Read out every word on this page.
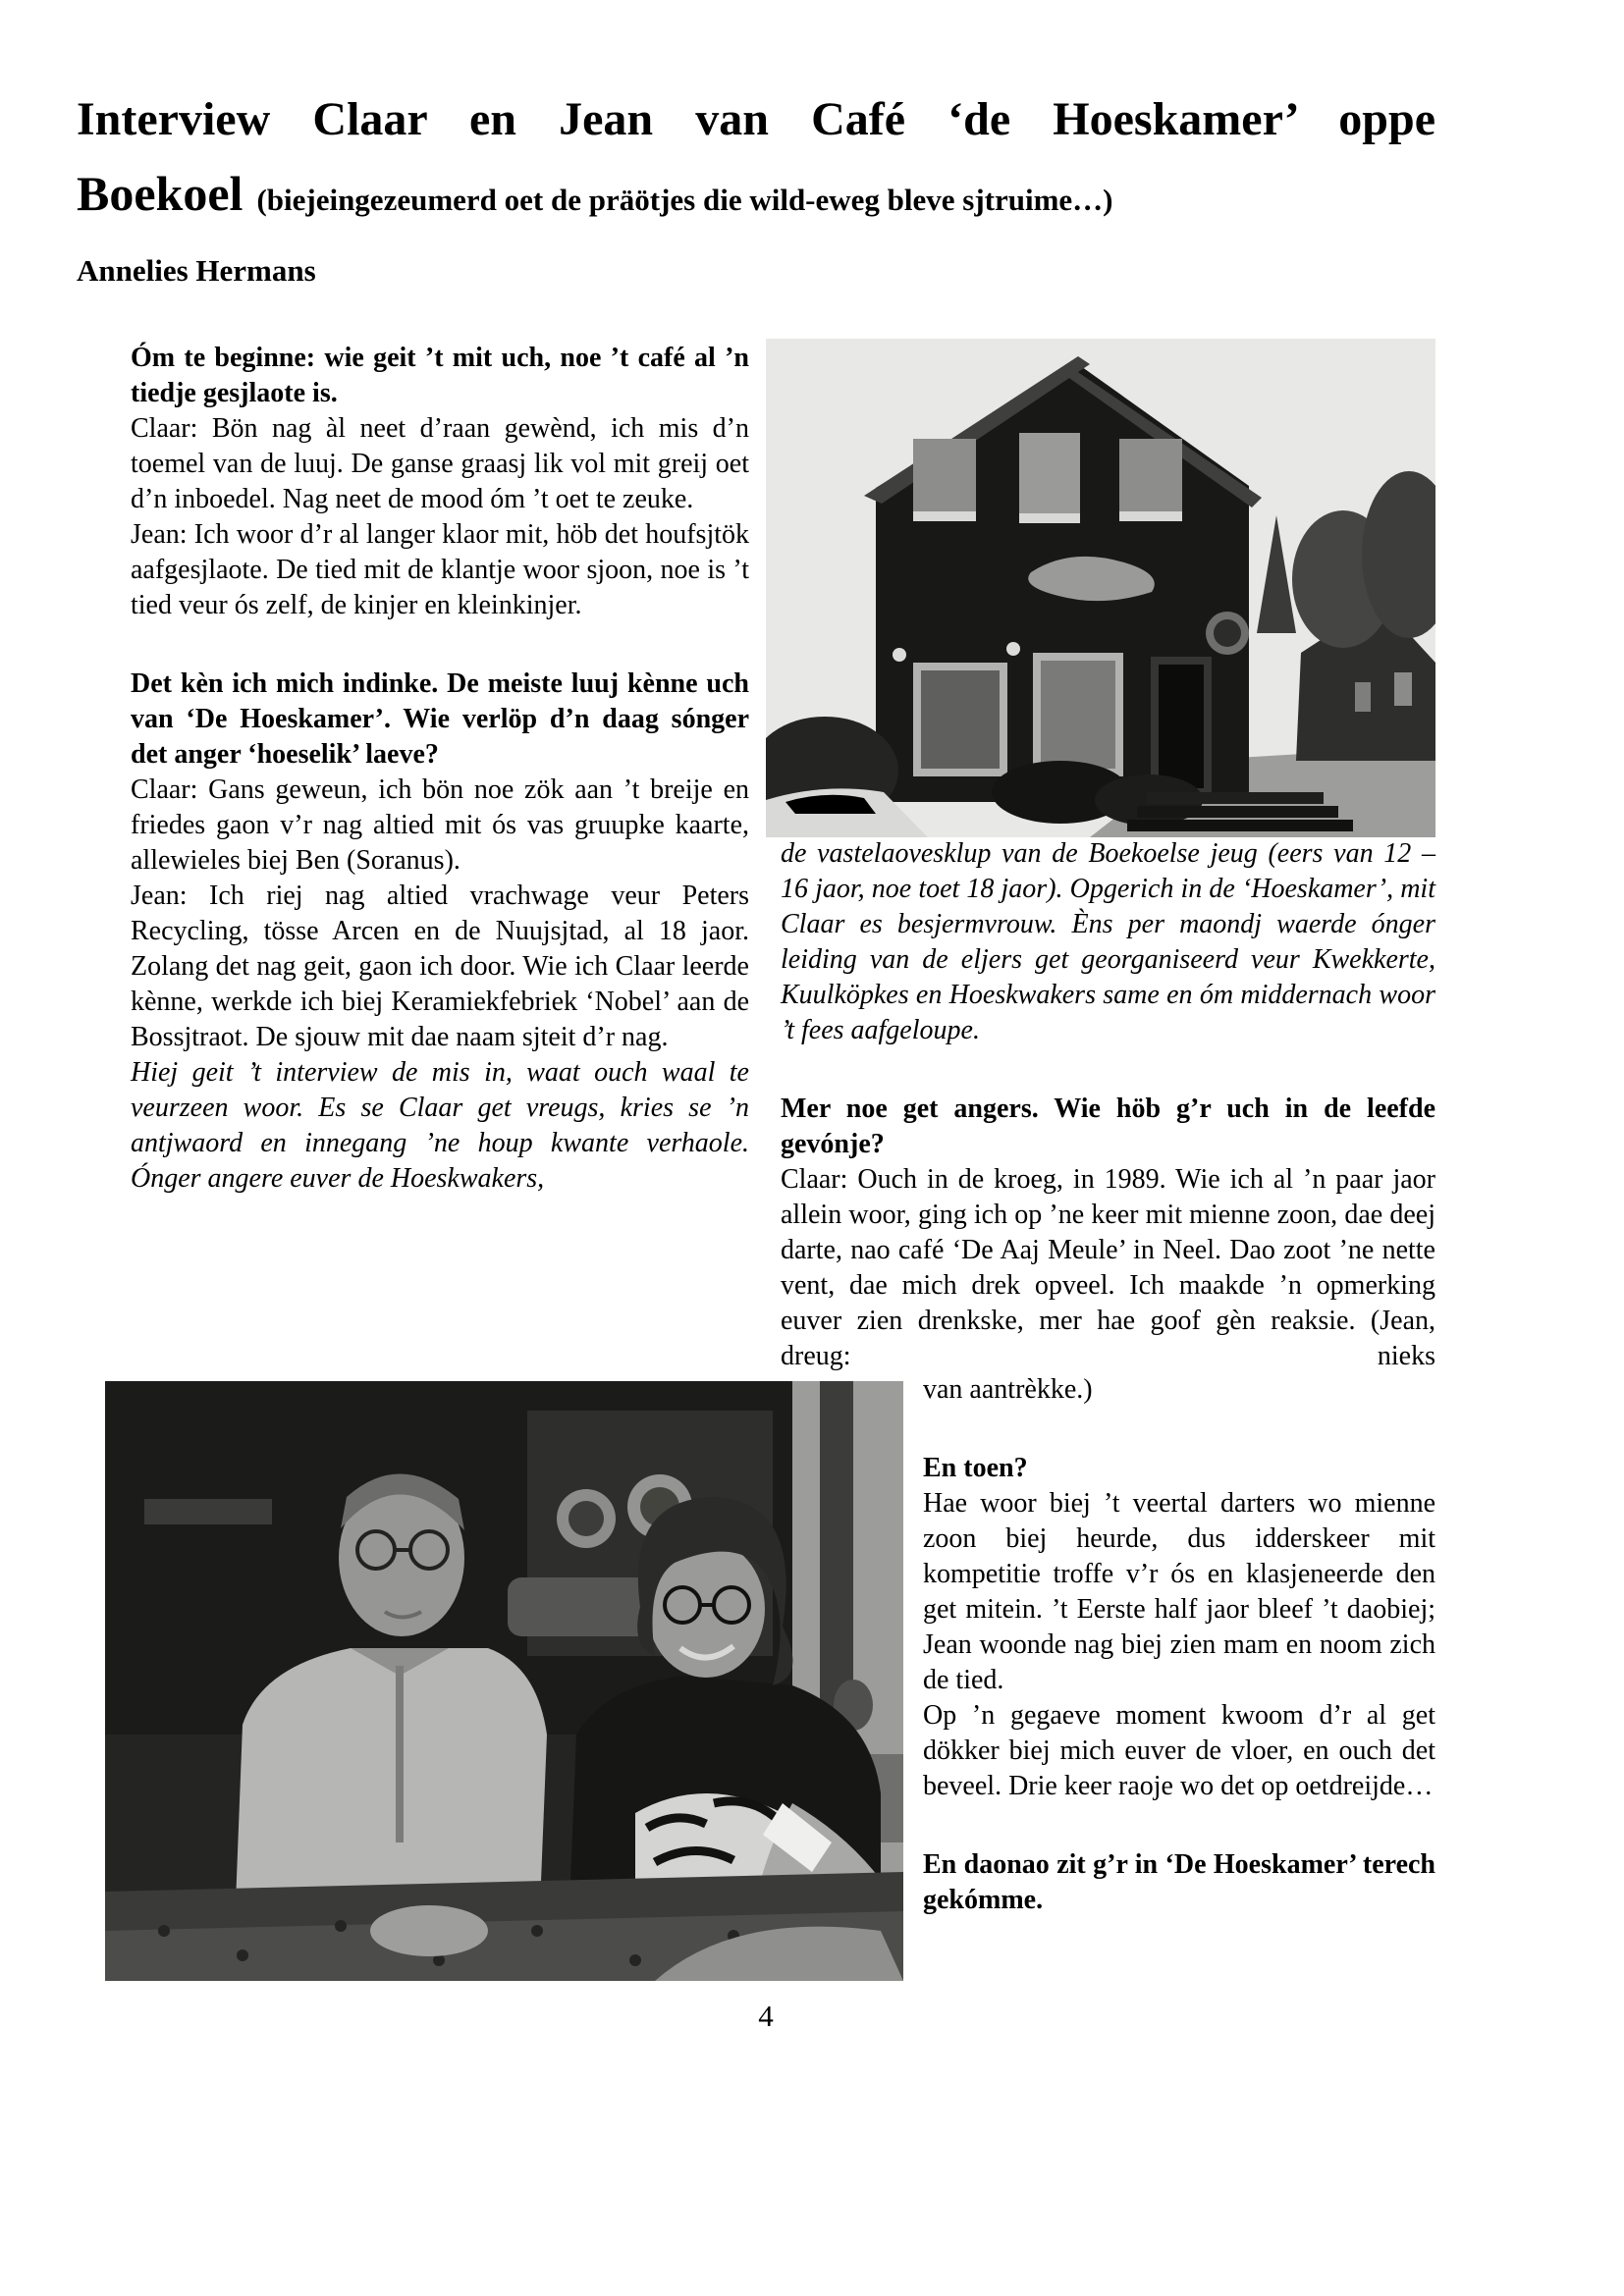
Interview Claar en Jean van Café ‘de Hoeskamer’ oppe
Boekoel (biejeingezeumerd oet de präötjes die wild-eweg bleve sjtruime…)
Annelies Hermans

Óm te beginne: wie geit ’t mit uch, noe ’t café al ’n tiedje gesjlaote is.

Claar: Bön nag àl neet d’raan gewènd, ich mis d’n toemel van de luuj. De ganse graasj lik vol mit greij oet d’n inboedel. Nag neet de mood óm ’t oet te zeuke.

Jean: Ich woor d’r al langer klaor mit, höb det houfsjtök aafgesjlaote. De tied mit de klantje woor sjoon, noe is ’t tied veur ós zelf, de kinjer en kleinkinjer.

Det kèn ich mich indinke. De meiste luuj kènne uch van ‘De Hoeskamer’. Wie verlöp d’n daag sónger det anger ‘hoeselik’ laeve?

Claar: Gans geweun, ich bön noe zök aan ’t breije en friedes gaon v’r nag altied mit ós vas gruupke kaarte, allewieles biej Ben (Soranus).

Jean: Ich riej nag altied vrachwage veur Peters Recycling, tösse Arcen en de Nuujsjtad, al 18 jaor. Zolang det nag geit, gaon ich door. Wie ich Claar leerde kènne, werkde ich biej Keramiekfebriek ‘Nobel’ aan de Bossjtraot. De sjouw mit dae naam sjteit d’r nag.

Hiej geit ’t interview de mis in, waat ouch waal te veurzeen woor. Es se Claar get vreugs, kries se ’n antjwaord en innegang ’ne houp kwante verhaole. Ónger angere euver de Hoeskwakers,

de vastelaovesklup van de Boekoelse jeug (eers van 12 – 16 jaor, noe toet 18 jaor). Opgerich in de ‘Hoeskamer’, mit Claar es besjermvrouw. Èns per maondj waerde ónger leiding van de eljers get georganiseerd veur Kwekkerte, Kuulköpkes en Hoeskwakers same en óm middernach woor ’t fees aafgeloupe.

Mer noe get angers. Wie höb g’r uch in de leefde gevónje?

Claar: Ouch in de kroeg, in 1989. Wie ich al ’n paar jaor allein woor, ging ich op ’ne keer mit mienne zoon, dae deej darte, nao café ‘De Aaj Meule’ in Neel. Dao zoot ’ne nette vent, dae mich drek opveel. Ich maakde ’n opmerking euver zien drenkske, mer hae goof gèn reaksie. (Jean, dreug: nieks

van aantrèkke.)

En toen?

Hae woor biej ’t veertal darters wo mienne zoon biej heurde, dus idderskeer mit kompetitie troffe v’r ós en klasjeneerde den get mitein. ’t Eerste half jaor bleef ’t daobiej; Jean woonde nag biej zien mam en noom zich de tied.

Op ’n gegaeve moment kwoom d’r al get dökker biej mich euver de vloer, en ouch det beveel. Drie keer raoje wo det op oetdreijde…

En daonao zit g’r in ‘De Hoeskamer’ terech gekómme.

4
